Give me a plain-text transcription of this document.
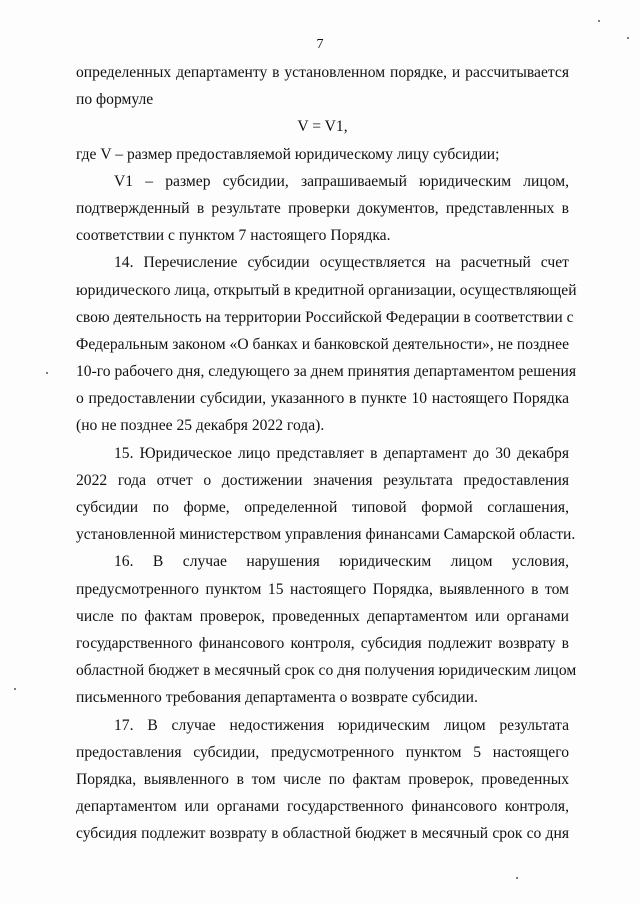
7
определенных департаменту в установленном порядке, и рассчитывается
по формуле
V = V1,
где V – размер предоставляемой юридическому лицу субсидии;
V1 – размер субсидии, запрашиваемый юридическим лицом,
подтвержденный в результате проверки документов, представленных в
соответствии с пунктом 7 настоящего Порядка.
14. Перечисление субсидии осуществляется на расчетный счет
юридического лица, открытый в кредитной организации, осуществляющей
свою деятельность на территории Российской Федерации в соответствии с
Федеральным законом «О банках и банковской деятельности», не позднее
10-го рабочего дня, следующего за днем принятия департаментом решения
о предоставлении субсидии, указанного в пункте 10 настоящего Порядка
(но не позднее 25 декабря 2022 года).
15. Юридическое лицо представляет в департамент до 30 декабря
2022 года отчет о достижении значения результата предоставления
субсидии по форме, определенной типовой формой соглашения,
установленной министерством управления финансами Самарской области.
16. В случае нарушения юридическим лицом условия,
предусмотренного пунктом 15 настоящего Порядка, выявленного в том
числе по фактам проверок, проведенных департаментом или органами
государственного финансового контроля, субсидия подлежит возврату в
областной бюджет в месячный срок со дня получения юридическим лицом
письменного требования департамента о возврате субсидии.
17. В случае недостижения юридическим лицом результата
предоставления субсидии, предусмотренного пунктом 5 настоящего
Порядка, выявленного в том числе по фактам проверок, проведенных
департаментом или органами государственного финансового контроля,
субсидия подлежит возврату в областной бюджет в месячный срок со дня
